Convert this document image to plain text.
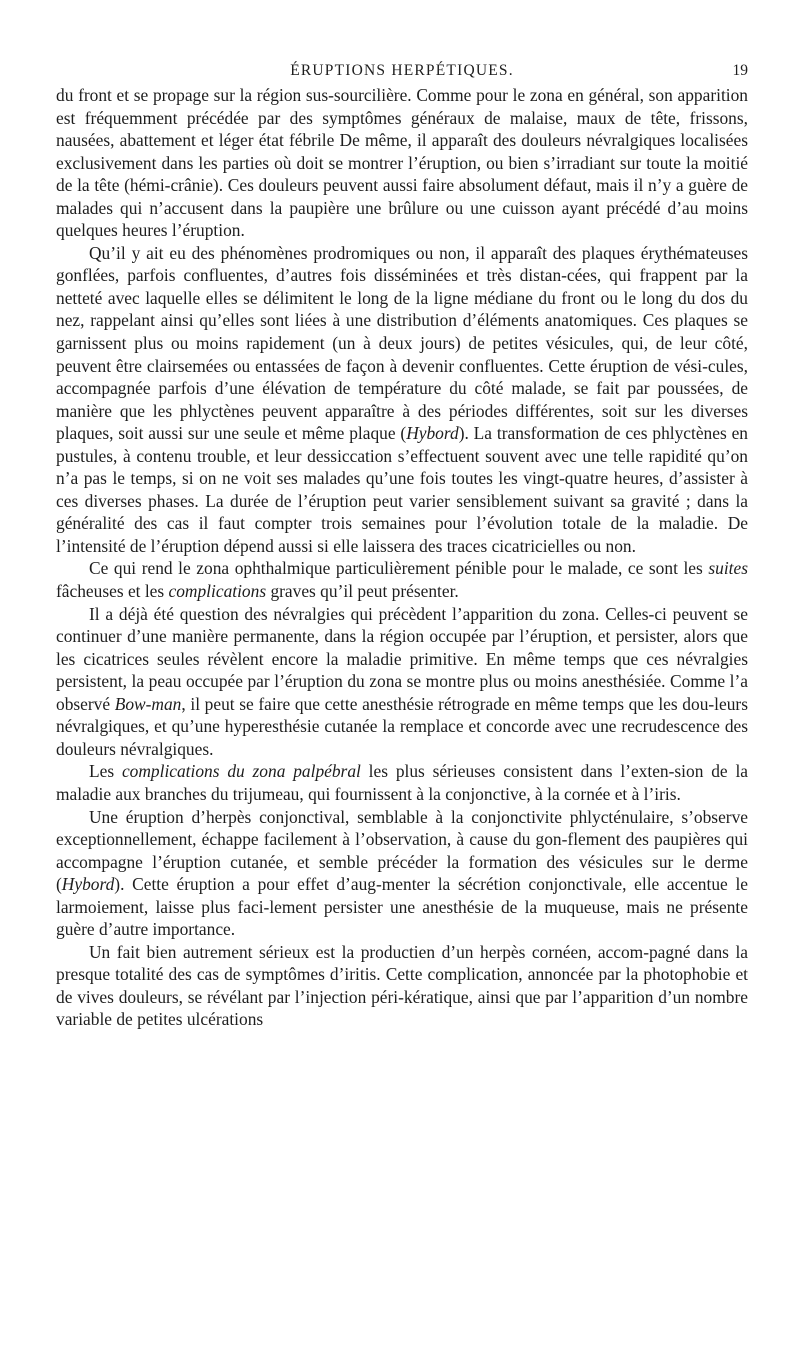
ÉRUPTIONS HERPÉTIQUES.	19

du front et se propage sur la région sus-sourcilière. Comme pour le zona en général, son apparition est fréquemment précédée par des symptômes généraux de malaise, maux de tête, frissons, nausées, abattement et léger état fébrile De même, il apparaît des douleurs névralgiques localisées exclusivement dans les parties où doit se montrer l’éruption, ou bien s’irradiant sur toute la moitié de la tête (hémi-crânie). Ces douleurs peuvent aussi faire absolument défaut, mais il n’y a guère de malades qui n’accusent dans la paupière une brûlure ou une cuisson ayant précédé d’au moins quelques heures l’éruption.

Qu’il y ait eu des phénomènes prodromiques ou non, il apparaît des plaques érythémateuses gonflées, parfois confluentes, d’autres fois disséminées et très distan-cées, qui frappent par la netteté avec laquelle elles se délimitent le long de la ligne médiane du front ou le long du dos du nez, rappelant ainsi qu’elles sont liées à une distribution d’éléments anatomiques. Ces plaques se garnissent plus ou moins rapidement (un à deux jours) de petites vésicules, qui, de leur côté, peuvent être clairsemées ou entassées de façon à devenir confluentes. Cette éruption de vési-cules, accompagnée parfois d’une élévation de température du côté malade, se fait par poussées, de manière que les phlyctènes peuvent apparaître à des périodes différentes, soit sur les diverses plaques, soit aussi sur une seule et même plaque (Hybord). La transformation de ces phlyctènes en pustules, à contenu trouble, et leur dessiccation s’effectuent souvent avec une telle rapidité qu’on n’a pas le temps, si on ne voit ses malades qu’une fois toutes les vingt-quatre heures, d’assister à ces diverses phases. La durée de l’éruption peut varier sensiblement suivant sa gravité ; dans la généralité des cas il faut compter trois semaines pour l’évolution totale de la maladie. De l’intensité de l’éruption dépend aussi si elle laissera des traces cicatricielles ou non.

Ce qui rend le zona ophthalmique particulièrement pénible pour le malade, ce sont les suites fâcheuses et les complications graves qu’il peut présenter.

Il a déjà été question des névralgies qui précèdent l’apparition du zona. Celles-ci peuvent se continuer d’une manière permanente, dans la région occupée par l’éruption, et persister, alors que les cicatrices seules révèlent encore la maladie primitive. En même temps que ces névralgies persistent, la peau occupée par l’éruption du zona se montre plus ou moins anesthésiée. Comme l’a observé Bow-man, il peut se faire que cette anesthésie rétrograde en même temps que les dou-leurs névralgiques, et qu’une hyperesthésie cutanée la remplace et concorde avec une recrudescence des douleurs névralgiques.

Les complications du zona palpébral les plus sérieuses consistent dans l’exten-sion de la maladie aux branches du trijumeau, qui fournissent à la conjonctive, à la cornée et à l’iris.

Une éruption d’herpès conjonctival, semblable à la conjonctivite phlycténulaire, s’observe exceptionnellement, échappe facilement à l’observation, à cause du gon-flement des paupières qui accompagne l’éruption cutanée, et semble précéder la formation des vésicules sur le derme (Hybord). Cette éruption a pour effet d’aug-menter la sécrétion conjonctivale, elle accentue le larmoiement, laisse plus faci-lement persister une anesthésie de la muqueuse, mais ne présente guère d’autre importance.

Un fait bien autrement sérieux est la productien d’un herpès cornéen, accom-pagné dans la presque totalité des cas de symptômes d’iritis. Cette complication, annoncée par la photophobie et de vives douleurs, se révélant par l’injection péri-kératique, ainsi que par l’apparition d’un nombre variable de petites ulcérations
